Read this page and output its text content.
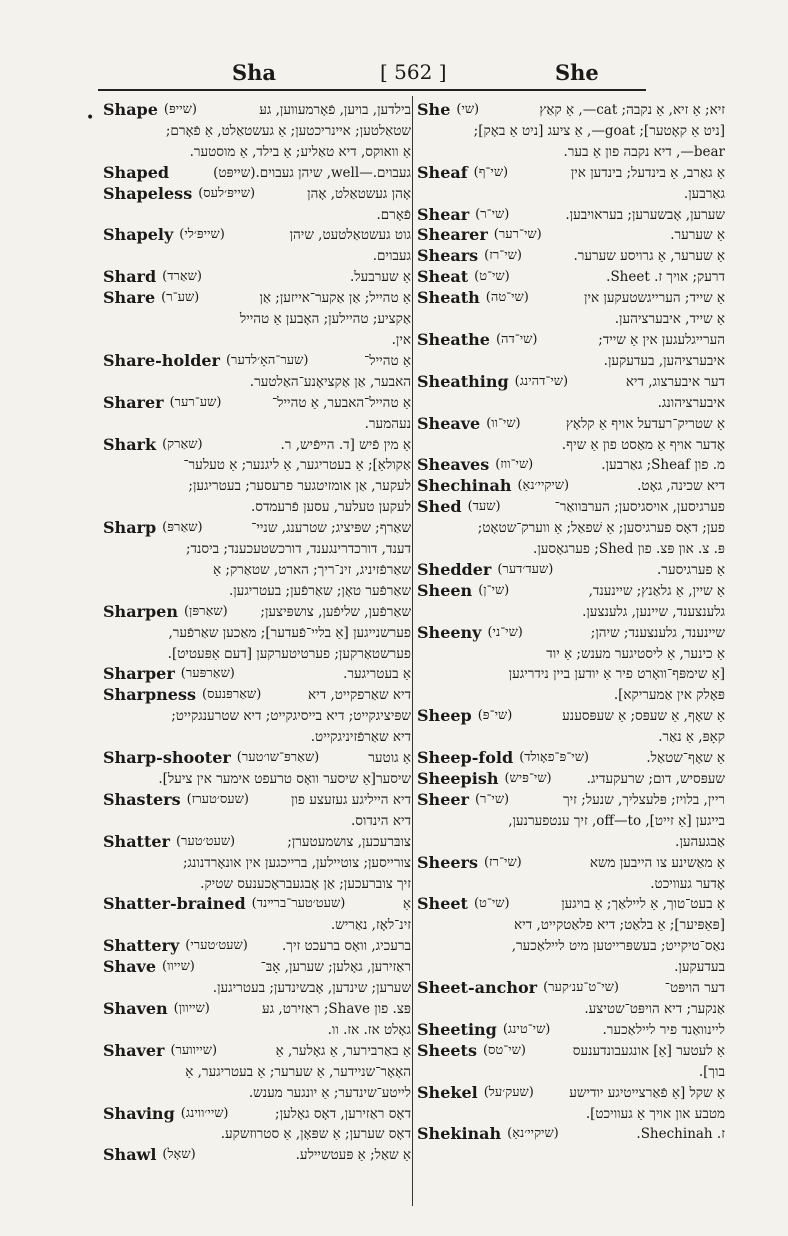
Sha	[ 562 ]	She
• Shape (שייפּ)	בילדען, בויען, פֿאָרמעווען, געּ
שטאַלטען; איינריכטען; אַ געשטאַלט, אַ פֿאָרם;
אַ וואוקס, דיא טאַליע; אַ בילד, אַ מוסטער.
Shaped	געבוים.—well, שיהן געבוים.(שייפּט)
Shapeless (שייפּ׳לעס)	אָהן געשטאַלט, אָהן
פֿאָרם.
Shapely (שייפּ׳לי)	גוט געשטאַלטעט, שיהן
געבוים.
Shard (שאַרד)	אַ שערבעל.
Share (שע־ר)	אַ טהייל; אַן אַקער־אייזען; אַן
אַקציע; טהיילען; האָבען אַ טהייל
אין.
Share-holder (שער־האָ׳לדער)	אַ טהייל־
האבער, אַן אַקציאָנע־האַלטער.
Sharer (שע־רער)	אַ טהייל־האבער, אַ טהייל־
נעהמער.
Shark (שאַרק)	אַ מין פֿיש [ד. הײפֿיש, ר.
אַקולאַ]; אַ בעטריגער, אַ ליגנער; אַ טעלער־
לעקער, אַן אומזיטגער פרעסער; בעטריגען;
לעקען טעלער, עסען פֿרעמדס.
Sharp (שאַרפּ)	שאַרף; שפּיציג; שטרענג, שניי־
דענד, דורכדרינגענד, דורכשטעכענד; ביסנד;
שאַרפֿזיניג, זינ־ריך; הארט, שטאַרק; אַ
שאַרפֿער טאָן; שאַרפֿען; בעטריגען.
Sharpen (שאַרפּן)	שאַרפֿען, שליפֿען, צושפּיצען;
פערשנייגען [אַ בליי־פֿעדער]; מאַכען שאַרפֿער,
פערשטאַרקען; פערטיטערקען [דעם אַפּעטיט].
Sharper (שאַרפּער)	אַ בעטריגער.
Sharpness (שאַרפּנעס)	דיא שאַרפקייט, דיא
שפּיציגקייט; דיא בייסיגקייט; דיא שטרענגקייט;
דיא שאַרפֿזיניגקייט.
Sharp-shooter (שאַרפּ־שו׳טער)	אַ גוטער
שיסער[אַ שיסער וואָס טרעפט אימער אין ציעל].
Shasters (שעס׳טערז)	דיא הייליגע געזעצע פון
דיא הינדוס.
Shatter (שעט׳טער)	צובּרעכען, צושמעטערן;
צורייסען; צוטיילען, ברייכגען אין אונאָרדנונג;
זיך צוברעכען; אַן אָבגעבראָכענעס שטיק.
Shatter-brained (שעט׳טער־ברײנד)	אַ
זינ־לאָז, נאַריש.
Shattery (שעט׳טערי)	ברעכיג, וואָס ברעכט זיך.
Shave (שייוו)	ראַזירען, גאָלען; שערען, אָבּ־
שערען; שינדען, אָבשינדען; בעטריגען.
Shaven (שייוון)	פּצ. פון Shave; ראַזירט, געּ
גאָלט אז. אז. וו.
Shaver (שייווער)	אַ באַרבירער, אַ גאָלער, אַ
האָאָר־שניידער, אַ שערער; אַ בעטריגער, אַ
לייטע־שינדער; אַ יונגער מענש.
Shaving (שיי׳ווינג)	דאָס ראַזירען, דאָס גאָלען;
דאָס שערען; אַ שפּאָן, אַ סטרוזשקע.
Shawl (שאָל)	אַ שאַל; אַ פּעטשיילע.
She (שי)	זיא; אַ זיא, אַ נקבה; cat—, אַ קאַץ
[ניט אַ קאָטער]; goat—, אַ ציעג [ניט אַ באָק];
bear—, דיא נקבה פון אַ בער.
Sheaf (שי־ף)	אַ גאַרב, אַ בינדעל; בינדען אין
גאַרבען.
Shear (שי־ר)	שערען, אָבשערען; בעראויבען.
Shearer (שי־רער)	אַ שערער.
Shears (שי־רז)	אַ שערער, אַ גרויסע שערער.
Sheat (שי־ט)	דרעק; אויך ז. Sheet.
Sheath (שי־טה)	אַ שייד; הערייגשטעקען אין
אַ שייד, איבערציהען.
Sheathe (שי־דה)	הערייגלעגען אין אַ שייד;
איבערציהען, בעדעקען.
Sheathing (שי־דהינג)	דער איבערצוג, דיא
איבערציהונג.
Sheave (שי־וו)	אַ שטריק־רעדעל אויף אַ קלאָץ
אָדער אויף אַ מאַסט פון אַ שיף.
Sheaves (שי־ווז)	מ. פון Sheaf; גאַרבען.
Shechinah (שיקיי׳נאַ)	דיא שכינה, גאָט.
Shed (שעד)	פערגיסען, אויסגיסען; הערבּוואַר־
פען; דאָס פערגיסען; אַ שׁפאַל; אַ ווערק־שטאָט;
פּ. צ. און פּצ. פון Shed; פערגאָסען.
Shedder (שעד׳דער)	אַ פערגיסער.
Sheen (שי־ן)	אַ שיין, אַ גלאַנץ; שיינענד,
גלענצענד, שיינען, גלענצען.
Sheeny (שי־ני)	שיינענד, גלענצענד; שיהן;
אַ כינער, אַ ליסטיגער מענש; אַ יוד
[אַ שימפּף־וואָרט פיר אַ יודען ביין נידריגען
פּאָלק אין אַמעריקא].
Sheep (שי־פּ)	אַ שאָף, אַ שעפּס; אַ שעפּסענע
קאָפּ, אַ נאַר.
Sheep-fold (שי־פּ־פאָולד)	אַ שאָף־שטאַל.
Sheepish (שי־פּיש)	שעפּסיש, דום; שרעקעדיג.
Sheer (שי־ר)	ריין, בלויז; פּלעצליך, שנעל; זיך
בייגען [אַ זייט], off—to, זיך ענטפערנען,
אַבגעהען.
Sheers (שי־רז)	אַ מאַשינע צו הייבען משא
אָדער געוויכט.
Sheet (שי־ט)	אַ בעט־טוך, אַ ליילאַך; אַ בויגען
[פּאַפּיער]; אַ בלאַט; דיא פלאַטקייט, דיא
נאַס־טיקייט; בעשפּרייטען מיט ליילאַכער,
בעדעקען.
Sheet-anchor (שי־ט־ענ׳קער)	דער הויפּט־
אַנקער; דיא הויפּט־שטיצע.
Sheeting (שי־טינג)	ליינוואַנד פיר ליילאַכער.
Sheets (שי־טס)	אַ לעטער [אַ] אונגעבונדענעס
בוך].
Shekel (שעק׳על)	אַ שקל [אַ פֿאַרצייטיגע יודישע
מטבע און אויך אַ געוויכט].
Shekinah (שיקיי׳נאַ)	ז. Shechinah.
